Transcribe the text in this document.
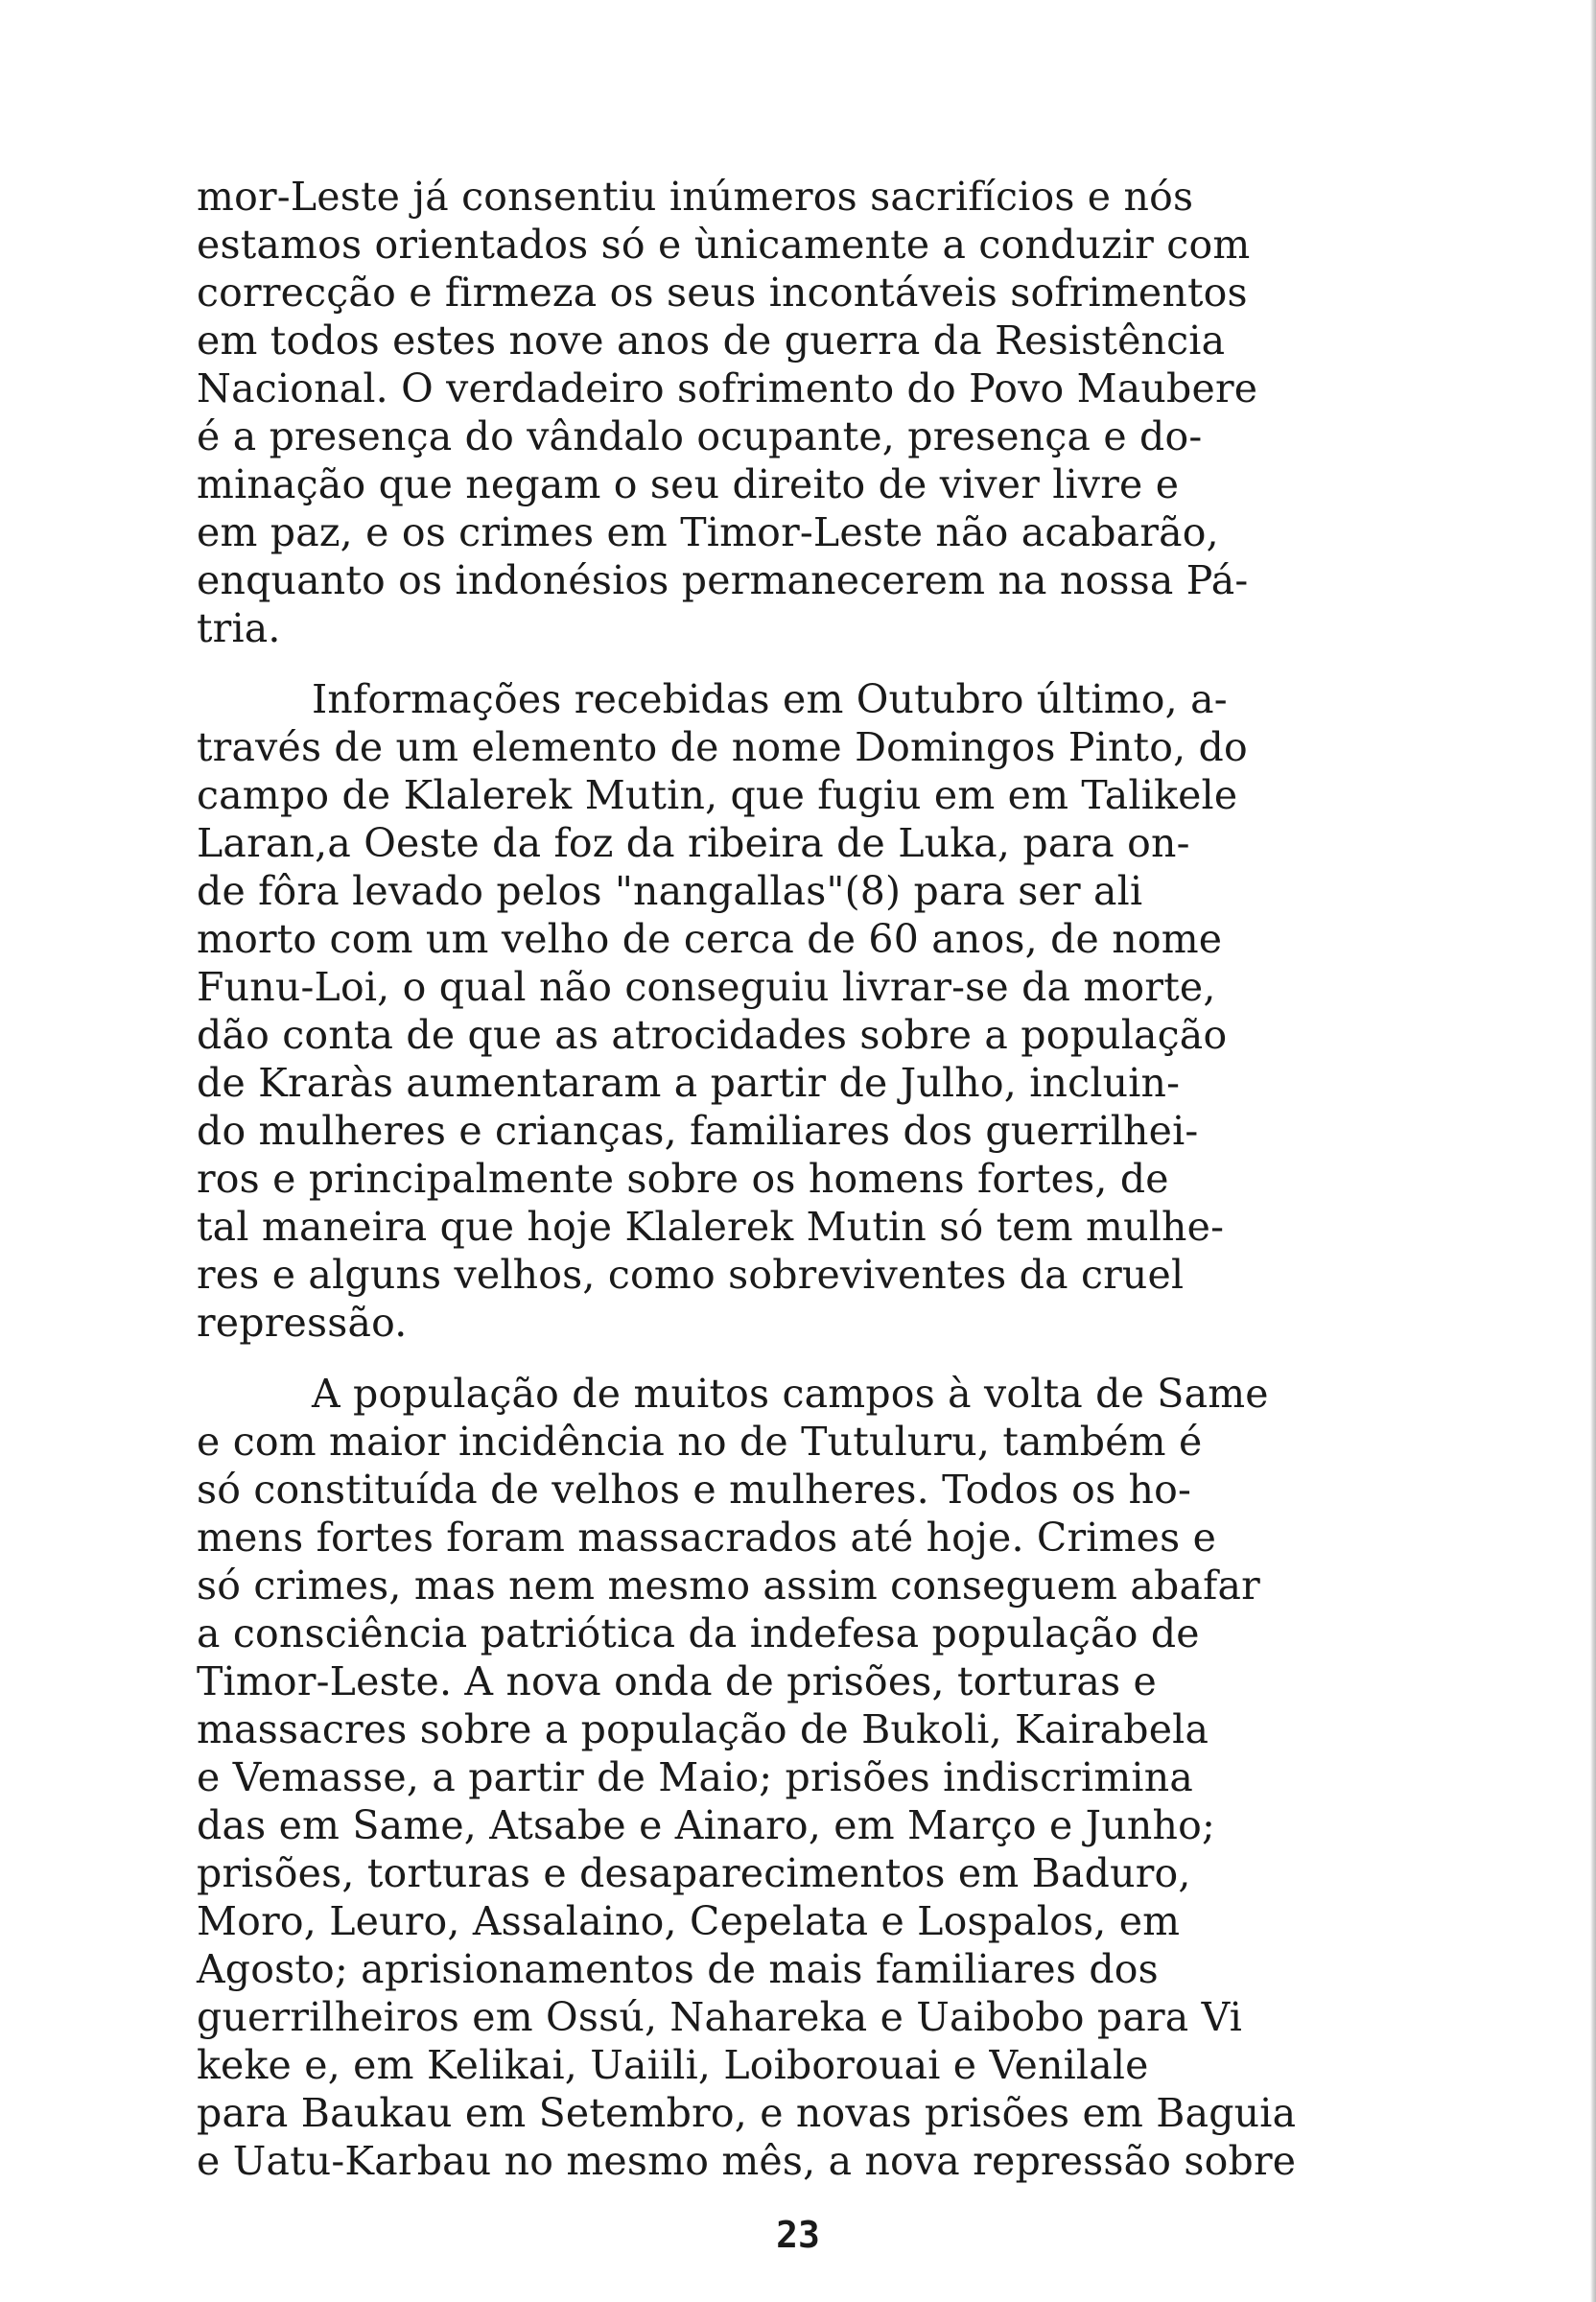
mor-Leste já consentiu inúmeros sacrifícios e nós
estamos orientados só e ùnicamente a conduzir com
correcção e firmeza os seus incontáveis sofrimentos
em todos estes nove anos de guerra da Resistência
Nacional. O verdadeiro sofrimento do Povo Maubere
é a presença do vândalo ocupante, presença e do-
minação que negam o seu direito de viver livre e
em paz, e os crimes em Timor-Leste não acabarão,
enquanto os indonésios permanecerem na nossa Pá-
tria.
Informações recebidas em Outubro último, a-
través de um elemento de nome Domingos Pinto, do
campo de Klalerek Mutin, que fugiu em em Talikele
Laran,a Oeste da foz da ribeira de Luka, para on-
de fôra levado pelos "nangallas"(8) para ser ali
morto com um velho de cerca de 60 anos, de nome
Funu-Loi, o qual não conseguiu livrar-se da morte,
dão conta de que as atrocidades sobre a população
de Kraràs aumentaram a partir de Julho, incluin-
do mulheres e crianças, familiares dos guerrilhei-
ros e principalmente sobre os homens fortes, de
tal maneira que hoje Klalerek Mutin só tem mulhe-
res e alguns velhos, como sobreviventes da cruel
repressão.
A população de muitos campos à volta de Same
e com maior incidência no de Tutuluru, também é
só constituída de velhos e mulheres. Todos os ho-
mens fortes foram massacrados até hoje. Crimes e
só crimes, mas nem mesmo assim conseguem abafar
a consciência patriótica da indefesa população de
Timor-Leste. A nova onda de prisões, torturas e
massacres sobre a população de Bukoli, Kairabela
e Vemasse, a partir de Maio; prisões indiscrimina
das em Same, Atsabe e Ainaro, em Março e Junho;
prisões, torturas e desaparecimentos em Baduro,
Moro, Leuro, Assalaino, Cepelata e Lospalos, em
Agosto; aprisionamentos de mais familiares dos
guerrilheiros em Ossú, Nahareka e Uaibobo para Vi
keke e, em Kelikai, Uaiili, Loiborouai e Venilale
para Baukau em Setembro, e novas prisões em Baguia
e Uatu-Karbau no mesmo mês, a nova repressão sobre
23
